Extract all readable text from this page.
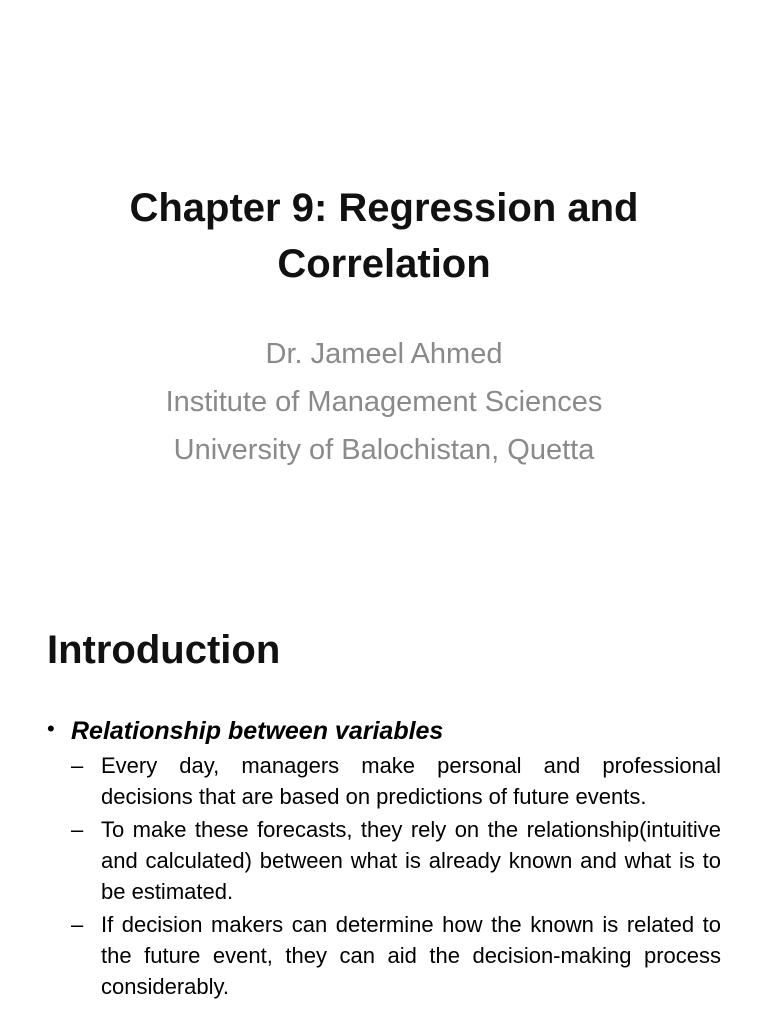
Chapter 9: Regression and Correlation
Dr. Jameel Ahmed
Institute of Management Sciences
University of Balochistan, Quetta
Introduction
• Relationship between variables
– Every day, managers make personal and professional decisions that are based on predictions of future events.
– To make these forecasts, they rely on the relationship(intuitive and calculated) between what is already known and what is to be estimated.
– If decision makers can determine how the known is related to the future event, they can aid the decision-making process considerably.
